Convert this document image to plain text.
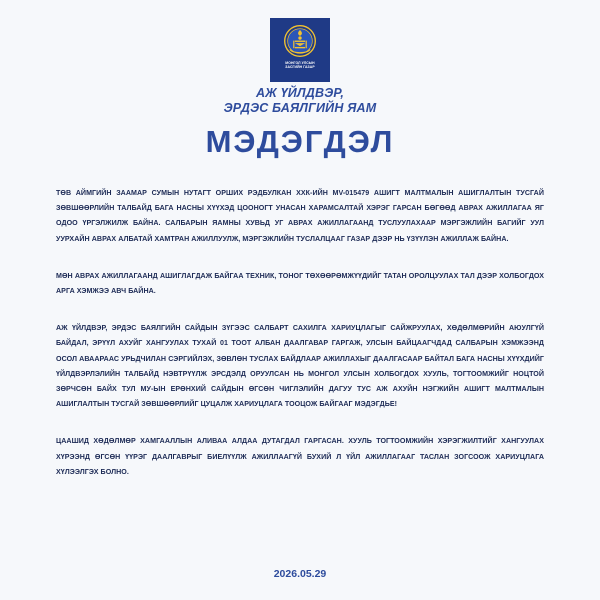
МОНГОЛ УЛСЫН
ЗАСГИЙН ГАЗАР
АЖ ҮЙЛДВЭР,
ЭРДЭС БАЯЛГИЙН ЯАМ
МЭДЭГДЭЛ

ТӨВ АЙМГИЙН ЗААМАР СУМЫН НУТАГТ ОРШИХ РЭДБУЛКАН ХХК-ИЙН MV-015479 АШИГТ МАЛТМАЛЫН АШИГЛАЛТЫН ТУСГАЙ ЗӨВШӨӨРЛИЙН ТАЛБАЙД БАГА НАСНЫ ХҮҮХЭД ЦООНОГТ УНАСАН ХАРАМСАЛТАЙ ХЭРЭГ ГАРСАН БӨГӨӨД АВРАХ АЖИЛЛАГАА ЯГ ОДОО ҮРГЭЛЖИЛЖ БАЙНА. САЛБАРЫН ЯАМНЫ ХУВЬД УГ АВРАХ АЖИЛЛАГААНД ТУСЛУУЛАХААР МЭРГЭЖЛИЙН БАГИЙГ УУЛ УУРХАЙН АВРАХ АЛБАТАЙ ХАМТРАН АЖИЛЛУУЛЖ, МЭРГЭЖЛИЙН ТУСЛАЛЦААГ ГАЗАР ДЭЭР НЬ ҮЗҮҮЛЭН АЖИЛЛАЖ БАЙНА.

МӨН АВРАХ АЖИЛЛАГААНД АШИГЛАГДАЖ БАЙГАА ТЕХНИК, ТОНОГ ТӨХӨӨРӨМЖҮҮДИЙГ ТАТАН ОРОЛЦУУЛАХ ТАЛ ДЭЭР ХОЛБОГДОХ АРГА ХЭМЖЭЭ АВЧ БАЙНА.

АЖ ҮЙЛДВЭР, ЭРДЭС БАЯЛГИЙН САЙДЫН ЗҮГЭЭС САЛБАРТ САХИЛГА ХАРИУЦЛАГЫГ САЙЖРУУЛАХ, ХӨДӨЛМӨРИЙН АЮУЛГҮЙ БАЙДАЛ, ЭРҮҮЛ АХУЙГ ХАНГУУЛАХ ТУХАЙ 01 ТООТ АЛБАН ДААЛГАВАР ГАРГАЖ, УЛСЫН БАЙЦААГЧДАД САЛБАРЫН ХЭМЖЭЭНД ОСОЛ АВААРААС УРЬДЧИЛАН СЭРГИЙЛЭХ, ЗӨВЛӨН ТУСЛАХ БАЙДЛААР АЖИЛЛАХЫГ ДААЛГАСААР БАЙТАЛ БАГА НАСНЫ ХҮҮХДИЙГ ҮЙЛДВЭРЛЭЛИЙН ТАЛБАЙД НЭВТРҮҮЛЖ ЭРСДЭЛД ОРУУЛСАН НЬ МОНГОЛ УЛСЫН ХОЛБОГДОХ ХУУЛЬ, ТОГТООМЖИЙГ НОЦТОЙ ЗӨРЧСӨН БАЙХ ТУЛ МУ-ЫН ЕРӨНХИЙ САЙДЫН ӨГСӨН ЧИГЛЭЛИЙН ДАГУУ ТУС АЖ АХУЙН НЭГЖИЙН АШИГТ МАЛТМАЛЫН АШИГЛАЛТЫН ТУСГАЙ ЗӨВШӨӨРЛИЙГ ЦУЦАЛЖ ХАРИУЦЛАГА ТООЦОЖ БАЙГААГ МЭДЭГДЬЕ!

ЦААШИД ХӨДӨЛМӨР ХАМГААЛЛЫН АЛИВАА АЛДАА ДУТАГДАЛ ГАРГАСАН. ХУУЛЬ ТОГТООМЖИЙН ХЭРЭГЖИЛТИЙГ ХАНГУУЛАХ ХҮРЭЭНД ӨГСӨН ҮҮРЭГ ДААЛГАВРЫГ БИЕЛҮҮЛЖ АЖИЛЛААГҮЙ БУХИЙ Л ҮЙЛ АЖИЛЛАГААГ ТАСЛАН ЗОГСООЖ ХАРИУЦЛАГА ХҮЛЭЭЛГЭХ БОЛНО.

2026.05.29
